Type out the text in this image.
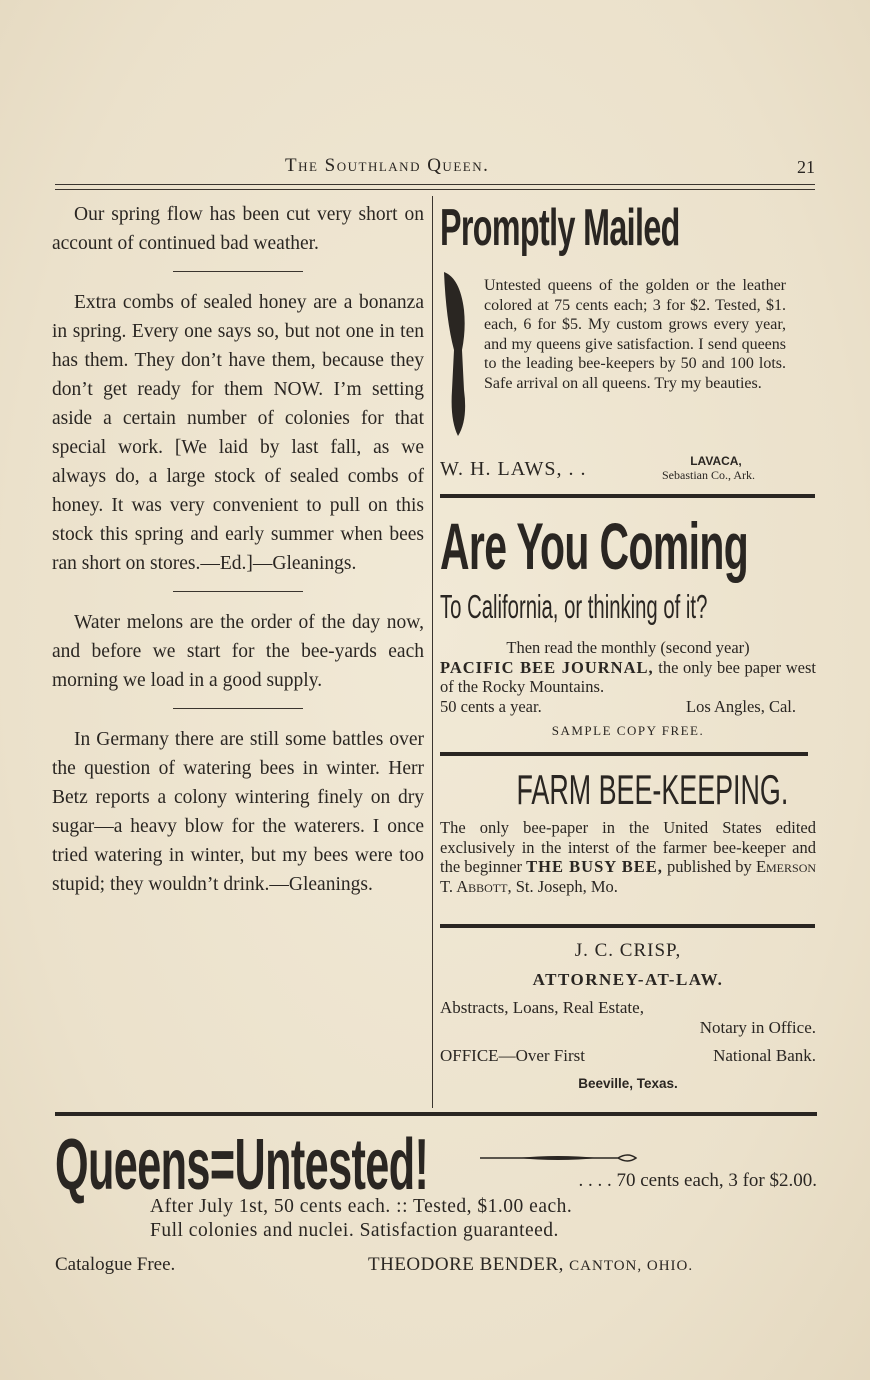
The Southland Queen.	21

Our spring flow has been cut very short on account of continued bad weather.

Extra combs of sealed honey are a bonanza in spring. Every one says so, but not one in ten has them. They don’t have them, because they don’t get ready for them NOW. I’m setting aside a certain number of colonies for that special work. [We laid by last fall, as we always do, a large stock of sealed combs of honey. It was very convenient to pull on this stock this spring and early summer when bees ran short on stores.—Ed.]—Gleanings.

Water melons are the order of the day now, and before we start for the bee-yards each morning we load in a good supply.

In Germany there are still some battles over the question of watering bees in winter. Herr Betz reports a colony wintering finely on dry sugar—a heavy blow for the waterers. I once tried watering in winter, but my bees were too stupid; they wouldn’t drink.—Gleanings.

Promptly Mailed
Untested queens of the golden or the leather colored at 75 cents each; 3 for $2. Tested, $1. each, 6 for $5. My custom grows every year, and my queens give satisfaction. I send queens to the leading bee-keepers by 50 and 100 lots. Safe arrival on all queens. Try my beauties.
W. H. LAWS, . .	LAVACA,
Sebastian Co., Ark.
Are You Coming
To California, or thinking of it?
Then read the monthly (second year)
PACIFIC BEE JOURNAL, the only bee paper west of the Rocky Mountains.
50 cents a year.	Los Angles, Cal.
SAMPLE COPY FREE.
FARM BEE-KEEPING.
The only bee-paper in the United States edited exclusively in the interst of the farmer bee-keeper and the beginner THE BUSY BEE, published by Emerson T. Abbott, St. Joseph, Mo.
J. C. CRISP,
ATTORNEY-AT-LAW.
Abstracts, Loans, Real Estate,
Notary in Office.
OFFICE—Over First	National Bank.
Beeville, Texas.
Queens=Untested!	. . . . 70 cents each, 3 for $2.00.
After July 1st, 50 cents each. :: Tested, $1.00 each.
Full colonies and nuclei. Satisfaction guaranteed.
Catalogue Free.	THEODORE BENDER, CANTON, OHIO.
